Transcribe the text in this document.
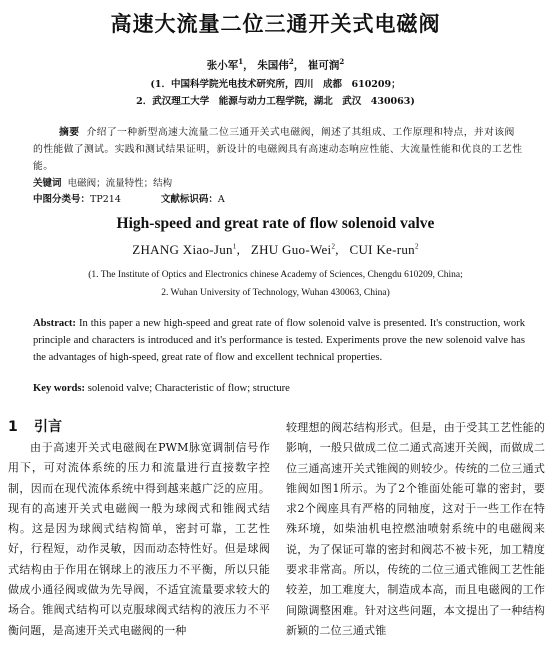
高速大流量二位三通开关式电磁阀
张小军$^1$， 朱国伟$^2$， 崔可润$^2$
(1．中国科学院光电技术研究所，四川　成都　610209；
2．武汉理工大学　能源与动力工程学院，湖北　武汉　430063)
摘要 介绍了一种新型高速大流量二位三通开关式电磁阀，阐述了其组成、工作原理和特点，并对该阀的性能做了测试。实践和测试结果证明，新设计的电磁阀具有高速动态响应性能、大流量性能和优良的工艺性能。
关键词 电磁阀；流量特性；结构
中图分类号：TP214	文献标识码：A
High-speed and great rate of flow solenoid valve
ZHANG Xiao-Jun$^1$,   ZHU Guo-Wei$^2$,   CUI Ke-run$^2$
(1. The Institute of Optics and Electronics chinese Academy of Sciences, Chengdu 610209, China;
2. Wuhan University of Technology, Wuhan 430063, China)
Abstract: In this paper a new high-speed and great rate of flow solenoid valve is presented. It's construction, work principle and characters is introduced and it's performance is tested. Experiments prove the new solenoid valve has the advantages of high-speed, great rate of flow and excellent technical properties.
Key words: solenoid valve; Characteristic of flow; structure
1 引言
由于高速开关式电磁阀在PWM脉宽调制信号作用下，可对流体系统的压力和流量进行直接数字控制，因而在现代流体系统中得到越来越广泛的应用。现有的高速开关式电磁阀一般为球阀式和锥阀式结构。这是因为球阀式结构简单，密封可靠，工艺性好，行程短，动作灵敏，因而动态特性好。但是球阀式结构由于作用在钢球上的液压力不平衡，所以只能做成小通径阀或做为先导阀，不适宜流量要求较大的场合。锥阀式结构可以克服球阀式结构的液压力不平衡问题，是高速开关式电磁阀的一种
较理想的阀芯结构形式。但是，由于受其工艺性能的影响，一般只做成二位二通式高速开关阀，而做成二位三通高速开关式锥阀的则较少。传统的二位三通式锥阀如图1所示。为了2个锥面处能可靠的密封，要求2个阀座具有严格的同轴度，这对于一些工作在特殊环境，如柴油机电控燃油喷射系统中的电磁阀来说，为了保证可靠的密封和阀芯不被卡死，加工精度要求非常高。所以，传统的二位三通式锥阀工艺性能较差，加工难度大，制造成本高，而且电磁阀的工作间隙调整困难。针对这些问题，本文提出了一种结构新颖的二位三通式锥
